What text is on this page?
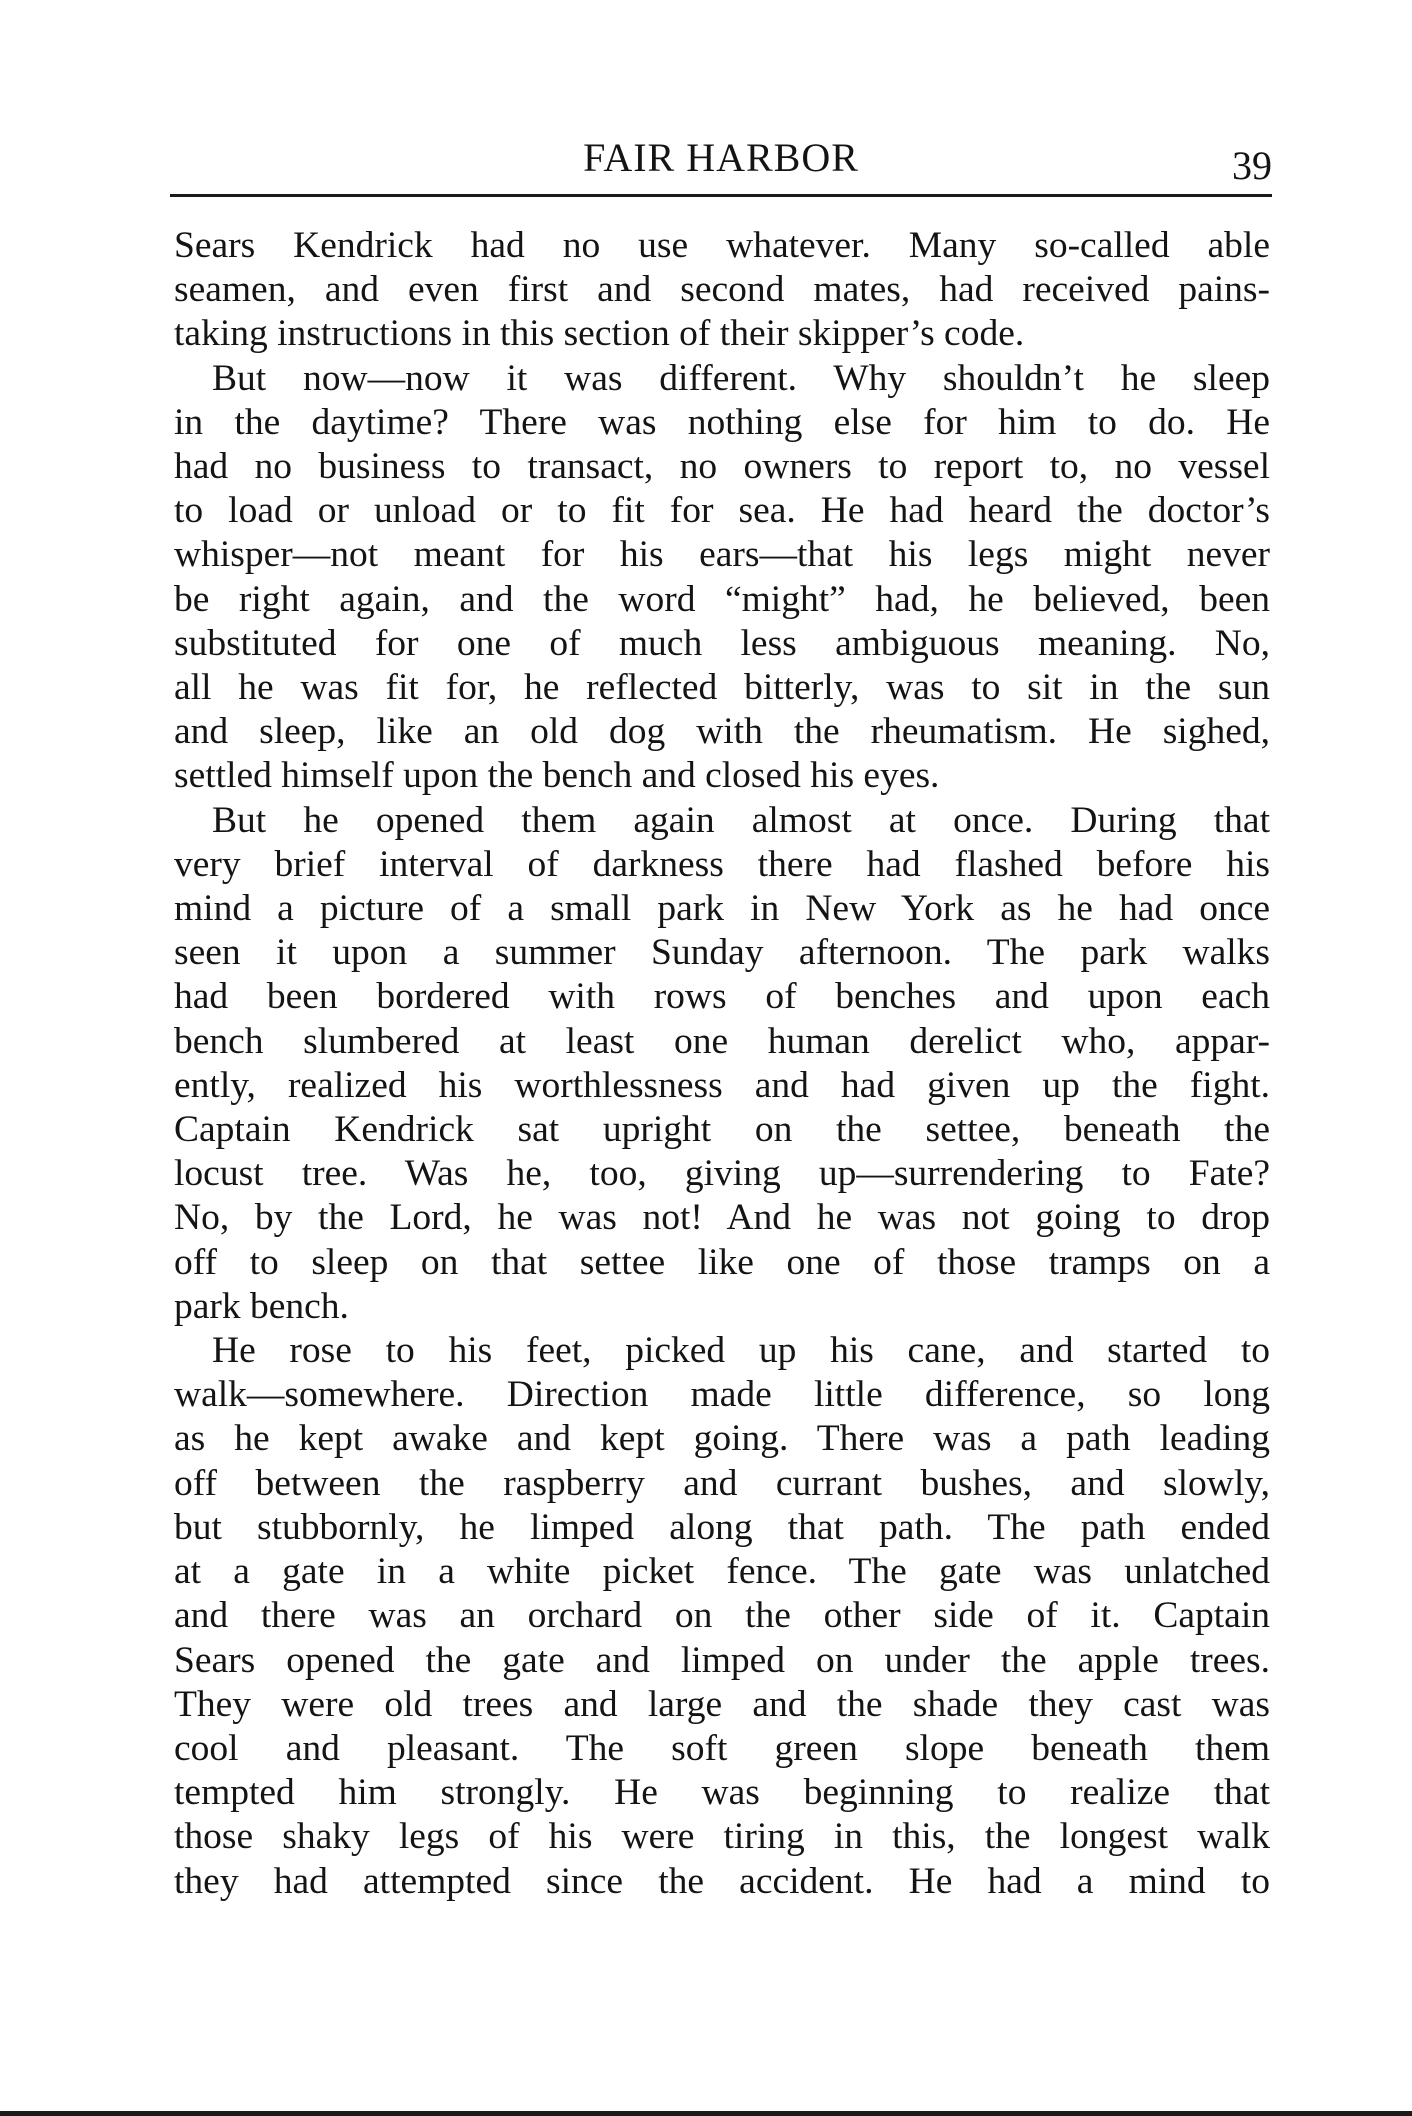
FAIR HARBOR	39
Sears Kendrick had no use whatever. Many so-called able
seamen, and even first and second mates, had received pains-
taking instructions in this section of their skipper’s code.
But now—now it was different. Why shouldn’t he sleep
in the daytime? There was nothing else for him to do. He
had no business to transact, no owners to report to, no vessel
to load or unload or to fit for sea. He had heard the doctor’s
whisper—not meant for his ears—that his legs might never
be right again, and the word “might” had, he believed, been
substituted for one of much less ambiguous meaning. No,
all he was fit for, he reflected bitterly, was to sit in the sun
and sleep, like an old dog with the rheumatism. He sighed,
settled himself upon the bench and closed his eyes.
But he opened them again almost at once. During that
very brief interval of darkness there had flashed before his
mind a picture of a small park in New York as he had once
seen it upon a summer Sunday afternoon. The park walks
had been bordered with rows of benches and upon each
bench slumbered at least one human derelict who, appar-
ently, realized his worthlessness and had given up the fight.
Captain Kendrick sat upright on the settee, beneath the
locust tree. Was he, too, giving up—surrendering to Fate?
No, by the Lord, he was not! And he was not going to drop
off to sleep on that settee like one of those tramps on a
park bench.
He rose to his feet, picked up his cane, and started to
walk—somewhere. Direction made little difference, so long
as he kept awake and kept going. There was a path leading
off between the raspberry and currant bushes, and slowly,
but stubbornly, he limped along that path. The path ended
at a gate in a white picket fence. The gate was unlatched
and there was an orchard on the other side of it. Captain
Sears opened the gate and limped on under the apple trees.
They were old trees and large and the shade they cast was
cool and pleasant. The soft green slope beneath them
tempted him strongly. He was beginning to realize that
those shaky legs of his were tiring in this, the longest walk
they had attempted since the accident. He had a mind to
